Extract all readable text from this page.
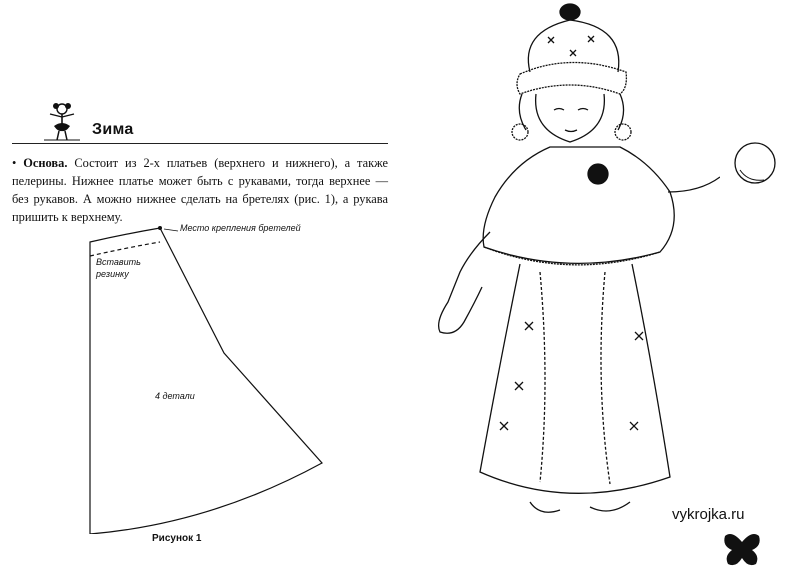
Зима
• Основа. Состоит из 2-х платьев (верхнего и нижнего), а также пелерины. Нижнее платье может быть с рукавами, тогда верхнее — без рукавов. А можно нижнее сделать на бретелях (рис. 1), а рукава пришить к верхнему.
Место крепления бретелей
Вставить резинку
4 детали
Рисунок 1
vykrojka.ru
